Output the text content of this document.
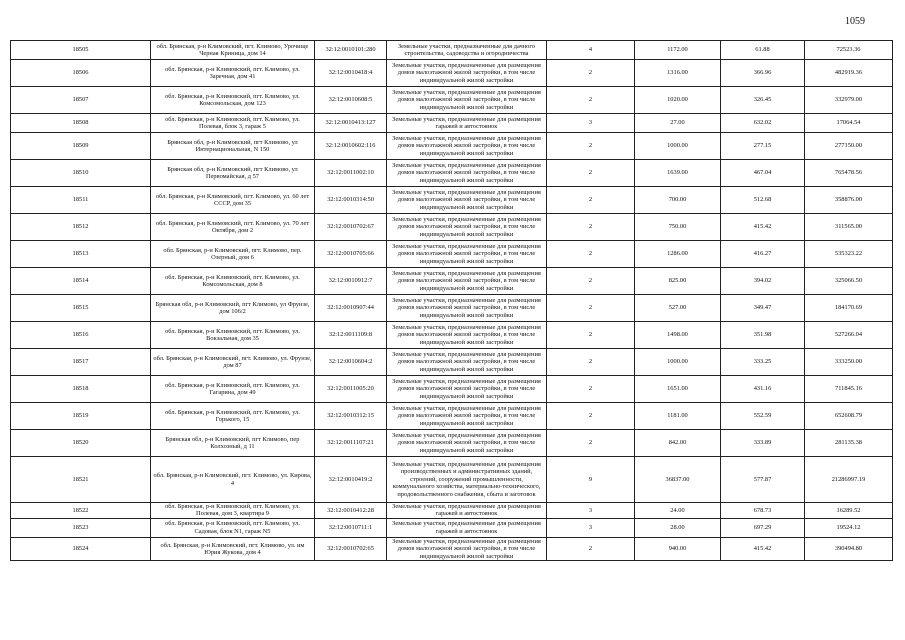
1059
18505	обл. Брянская, р-н Климовский, пгт. Климово, Урочище Черная Криница, дом 14	32:12:0010101:280	Земельные участки, предназначенные для дачного строительства, садоводства и огородничества	4	1172.00	61.88	72523.36
18506	обл. Брянская, р-н Климовский, пгт. Климово, ул. Заречная, дом 41	32:12:0010418:4	Земельные участки, предназначенные для размещения домов малоэтажной жилой застройки, в том числе индивидуальной жилой застройки	2	1316.00	366.96	482919.36
18507	обл. Брянская, р-н Климовский, пгт. Климово, ул. Комсомольская, дом 123	32:12:0010608:5	Земельные участки, предназначенные для размещения домов малоэтажной жилой застройки, в том числе индивидуальной жилой застройки	2	1020.00	326.45	332979.00
18508	обл. Брянская, р-н Климовский, пгт. Климово, ул. Полевая, блок 3, гараж 5	32:12:0010413:127	Земельные участки, предназначенные для размещения гаражей и автостоянок	3	27.00	632.02	17064.54
18509	Брянская обл, р-н Климовский, пгт Климово, ул Интернациональная, N 150	32:12:0010602:116	Земельные участки, предназначенные для размещения домов малоэтажной жилой застройки, в том числе индивидуальной жилой застройки	2	1000.00	277.15	277150.00
18510	Брянская обл, р-н Климовский, пгт Климово, ул Первомайская, д 57	32:12:0011002:10	Земельные участки, предназначенные для размещения домов малоэтажной жилой застройки, в том числе индивидуальной жилой застройки	2	1639.00	467.04	765478.56
18511	обл. Брянская, р-н Климовский, пгт. Климово, ул. 60 лет СССР, дом 35	32:12:0010314:50	Земельные участки, предназначенные для размещения домов малоэтажной жилой застройки, в том числе индивидуальной жилой застройки	2	700.00	512.68	358876.00
18512	обл. Брянская, р-н Климовский, пгт. Климово, ул. 70 лет Октября, дом 2	32:12:0010702:67	Земельные участки, предназначенные для размещения домов малоэтажной жилой застройки, в том числе индивидуальной жилой застройки	2	750.00	415.42	311565.00
18513	обл. Брянская, р-н Климовский, пгт. Климово, пер. Озерный, дом 6	32:12:0010705:66	Земельные участки, предназначенные для размещения домов малоэтажной жилой застройки, в том числе индивидуальной жилой застройки	2	1286.00	416.27	535323.22
18514	обл. Брянская, р-н Климовский, пгт. Климово, ул. Комсомольская, дом 8	32:12:0010912:7	Земельные участки, предназначенные для размещения домов малоэтажной жилой застройки, в том числе индивидуальной жилой застройки	2	825.00	394.02	325066.50
18515	Брянская обл, р-н Климовский, пгт Климово, ул Фрунзе, дом 106/2	32:12:0010907:44	Земельные участки, предназначенные для размещения домов малоэтажной жилой застройки, в том числе индивидуальной жилой застройки	2	527.00	349.47	184170.69
18516	обл. Брянская, р-н Климовский, пгт. Климово, ул. Вокзальная, дом 35	32:12:0011109:8	Земельные участки, предназначенные для размещения домов малоэтажной жилой застройки, в том числе индивидуальной жилой застройки	2	1498.00	351.98	527266.04
18517	обл. Брянская, р-н Климовский, пгт. Климово, ул. Фрунзе, дом 87	32:12:0010604:2	Земельные участки, предназначенные для размещения домов малоэтажной жилой застройки, в том числе индивидуальной жилой застройки	2	1000.00	333.25	333250.00
18518	обл. Брянская, р-н Климовский, пгт. Климово, ул. Гагарина, дом 49	32:12:0011005:20	Земельные участки, предназначенные для размещения домов малоэтажной жилой застройки, в том числе индивидуальной жилой застройки	2	1651.00	431.16	711845.16
18519	обл. Брянская, р-н Климовский, пгт. Климово, ул. Горького, 15	32:12:0010312:15	Земельные участки, предназначенные для размещения домов малоэтажной жилой застройки, в том числе индивидуальной жилой застройки	2	1181.00	552.59	652608.79
18520	Брянская обл, р-н Климовский, пгт Климово, пер Колхозный, д 11	32:12:0011107:21	Земельные участки, предназначенные для размещения домов малоэтажной жилой застройки, в том числе индивидуальной жилой застройки	2	842.00	333.89	281135.38
18521	обл. Брянская, р-н Климовский, пгт. Климово, ул. Кирова, 4	32:12:0010419:2	Земельные участки, предназначенные для размещения производственных и административных зданий, строений, сооружений промышленности, коммунального хозяйства, материально-технического, продовольственного снабжения, сбыта и заготовок	9	36837.00	577.87	21286997.19
18522	обл. Брянская, р-н Климовский, пгт. Климово, ул. Полевая, дом 3, квартира 9	32:12:0010412:28	Земельные участки, предназначенные для размещения гаражей и автостоянок	3	24.00	678.73	16289.52
18523	обл. Брянская, р-н Климовский, пгт. Климово, ул. Садовая, блок N1, гараж N5	32:12:0010711:1	Земельные участки, предназначенные для размещения гаражей и автостоянок	3	28.00	697.29	19524.12
18524	обл. Брянская, р-н Климовский, пгт. Климово, ул. им Юрия Жукова, дом 4	32:12:0010702:65	Земельные участки, предназначенные для размещения домов малоэтажной жилой застройки, в том числе индивидуальной жилой застройки	2	940.00	415.42	390494.80
